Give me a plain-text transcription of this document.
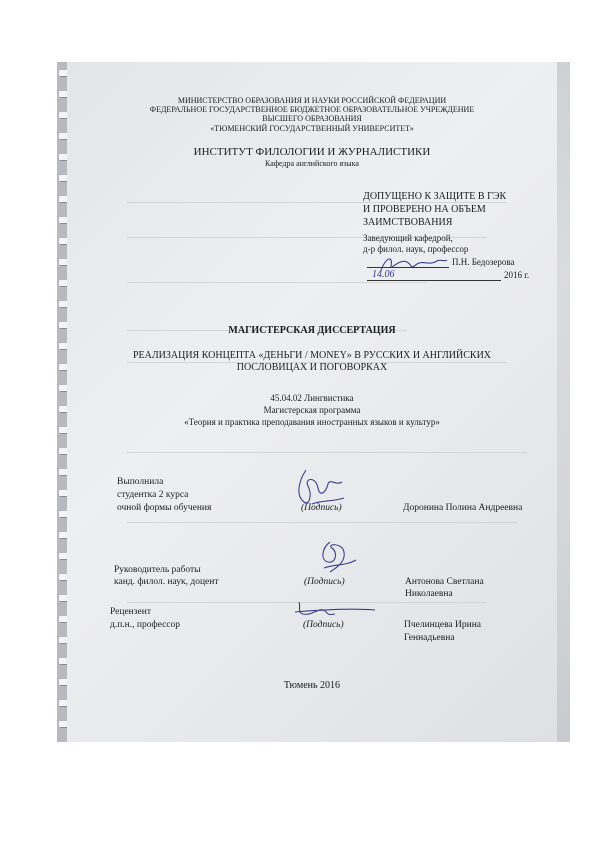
МИНИСТЕРСТВО ОБРАЗОВАНИЯ И НАУКИ РОССИЙСКОЙ ФЕДЕРАЦИИ
ФЕДЕРАЛЬНОЕ ГОСУДАРСТВЕННОЕ БЮДЖЕТНОЕ ОБРАЗОВАТЕЛЬНОЕ УЧРЕЖДЕНИЕ
ВЫСШЕГО ОБРАЗОВАНИЯ
«ТЮМЕНСКИЙ ГОСУДАРСТВЕННЫЙ УНИВЕРСИТЕТ»
ИНСТИТУТ ФИЛОЛОГИИ И ЖУРНАЛИСТИКИ
Кафедра английского языка
ДОПУЩЕНО К ЗАЩИТЕ В ГЭК
И ПРОВЕРЕНО НА ОБЪЕМ
ЗАИМСТВОВАНИЯ
Заведующий кафедрой,
д-р филол. наук, профессор
П.Н. Бедозерова
14.06	2016 г.
МАГИСТЕРСКАЯ ДИССЕРТАЦИЯ
РЕАЛИЗАЦИЯ КОНЦЕПТА «ДЕНЬГИ / MONEY» В РУССКИХ И АНГЛИЙСКИХ
ПОСЛОВИЦАХ И ПОГОВОРКАХ
45.04.02 Лингвистика
Магистерская программа
«Теория и практика преподавания иностранных языков и культур»
Выполнила
студентка 2 курса
очной формы обучения	(Подпись)	Доронина Полина Андреевна
Руководитель работы
канд. филол. наук, доцент	(Подпись)	Антонова Светлана
Николаевна
Рецензент
д.п.н., профессор	(Подпись)	Пчелинцева Ирина
Геннадьевна
Тюмень 2016
